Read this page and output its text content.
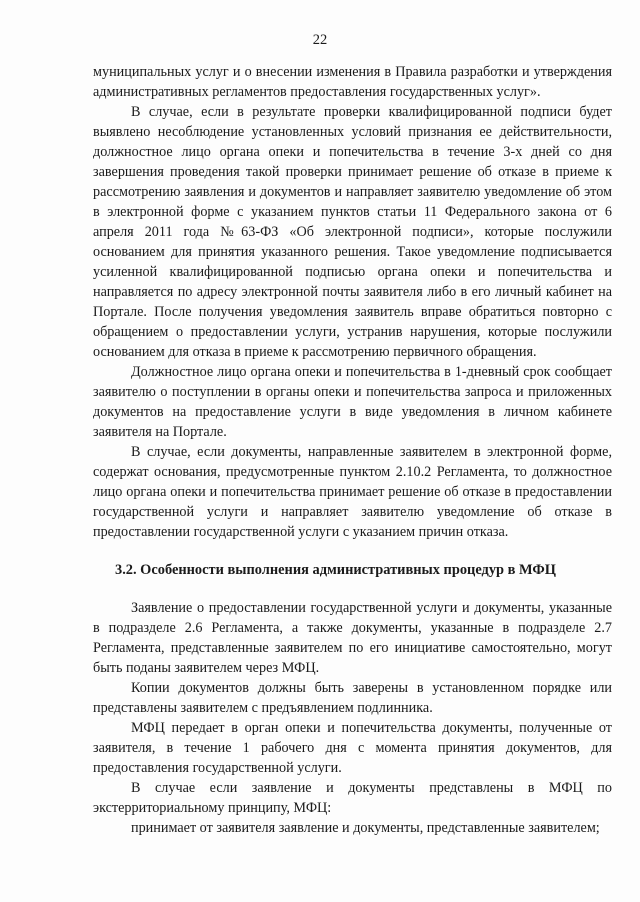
22

муниципальных услуг и о внесении изменения в Правила разработки и утверждения административных регламентов предоставления государственных услуг».

В случае, если в результате проверки квалифицированной подписи будет выявлено несоблюдение установленных условий признания ее действительности, должностное лицо органа опеки и попечительства в течение 3-х дней со дня завершения проведения такой проверки принимает решение об отказе в приеме к рассмотрению заявления и документов и направляет заявителю уведомление об этом в электронной форме с указанием пунктов статьи 11 Федерального закона от 6 апреля 2011 года №63-ФЗ «Об электронной подписи», которые послужили основанием для принятия указанного решения. Такое уведомление подписывается усиленной квалифицированной подписью органа опеки и попечительства и направляется по адресу электронной почты заявителя либо в его личный кабинет на Портале. После получения уведомления заявитель вправе обратиться повторно с обращением о предоставлении услуги, устранив нарушения, которые послужили основанием для отказа в приеме к рассмотрению первичного обращения.

Должностное лицо органа опеки и попечительства в 1-дневный срок сообщает заявителю о поступлении в органы опеки и попечительства запроса и приложенных документов на предоставление услуги в виде уведомления в личном кабинете заявителя на Портале.

В случае, если документы, направленные заявителем в электронной форме, содержат основания, предусмотренные пунктом 2.10.2 Регламента, то должностное лицо органа опеки и попечительства принимает решение об отказе в предоставлении государственной услуги и направляет заявителю уведомление об отказе в предоставлении государственной услуги с указанием причин отказа.

3.2. Особенности выполнения административных процедур в МФЦ

Заявление о предоставлении государственной услуги и документы, указанные в подразделе 2.6 Регламента, а также документы, указанные в подразделе 2.7 Регламента, представленные заявителем по его инициативе самостоятельно, могут быть поданы заявителем через МФЦ.

Копии документов должны быть заверены в установленном порядке или представлены заявителем с предъявлением подлинника.

МФЦ передает в орган опеки и попечительства документы, полученные от заявителя, в течение 1 рабочего дня с момента принятия документов, для предоставления государственной услуги.

В случае если заявление и документы представлены в МФЦ по экстерриториальному принципу, МФЦ:

принимает от заявителя заявление и документы, представленные заявителем;
